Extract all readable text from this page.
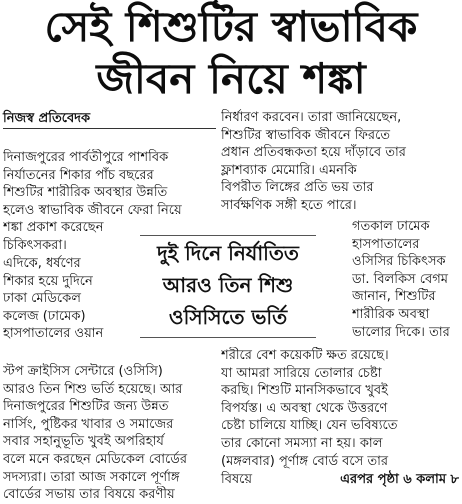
সেই শিশুটির স্বাভাবিক
জীবন নিয়ে শঙ্কা
নিজস্ব প্রতিবেদক
দিনাজপুরের পার্বতীপুরে পাশবিক
নির্যাতনের শিকার পাঁচ বছরের
শিশুটির শারীরিক অবস্থার উন্নতি
হলেও স্বাভাবিক জীবনে ফেরা নিয়ে
শঙ্কা প্রকাশ করেছেন
চিকিৎসকরা।
এদিকে, ধর্ষণের
শিকার হয়ে দুদিনে
ঢাকা মেডিকেল
কলেজ (ঢামেক)
হাসপাতালের ওয়ান
স্টপ ক্রাইসিস সেন্টারে (ওসিসি)
আরও তিন শিশু ভর্তি হয়েছে। আর
দিনাজপুরের শিশুটির জন্য উন্নত
নার্সিং, পুষ্টিকর খাবার ও সমাজের
সবার সহানুভূতি খুবই অপরিহার্য
বলে মনে করছেন মেডিকেল বোর্ডের
সদস্যরা। তারা আজ সকালে পূর্ণাঙ্গ
বোর্ডের সভায় তার বিষয়ে করণীয়
নির্ধারণ করবেন। তারা জানিয়েছেন,
শিশুটির স্বাভাবিক জীবনে ফিরতে
প্রধান প্রতিবন্ধকতা হয়ে দাঁড়াবে তার
ফ্লাশব্যাক মেমোরি। এমনকি
বিপরীত লিঙ্গের প্রতি ভয় তার
সার্বক্ষণিক সঙ্গী হতে পারে।
গতকাল ঢামেক
হাসপাতালের
ওসিসির চিকিৎসক
ডা. বিলকিস বেগম
জানান, শিশুটির
শারীরিক অবস্থা
ভালোর দিকে। তার
শরীরে বেশ কয়েকটি ক্ষত রয়েছে।
যা আমরা সারিয়ে তোলার চেষ্টা
করছি। শিশুটি মানসিকভাবে খুবই
বিপর্যস্ত। এ অবস্থা থেকে উত্তরণে
চেষ্টা চালিয়ে যাচ্ছি। যেন ভবিষ্যতে
তার কোনো সমস্যা না হয়। কাল
(মঙ্গলবার) পূর্ণাঙ্গ বোর্ড বসে তার
বিষয়ে	এরপর পৃষ্ঠা ৬ কলাম ৮
দুই দিনে নির্যাতিত
আরও তিন শিশু
ওসিসিতে ভর্তি
